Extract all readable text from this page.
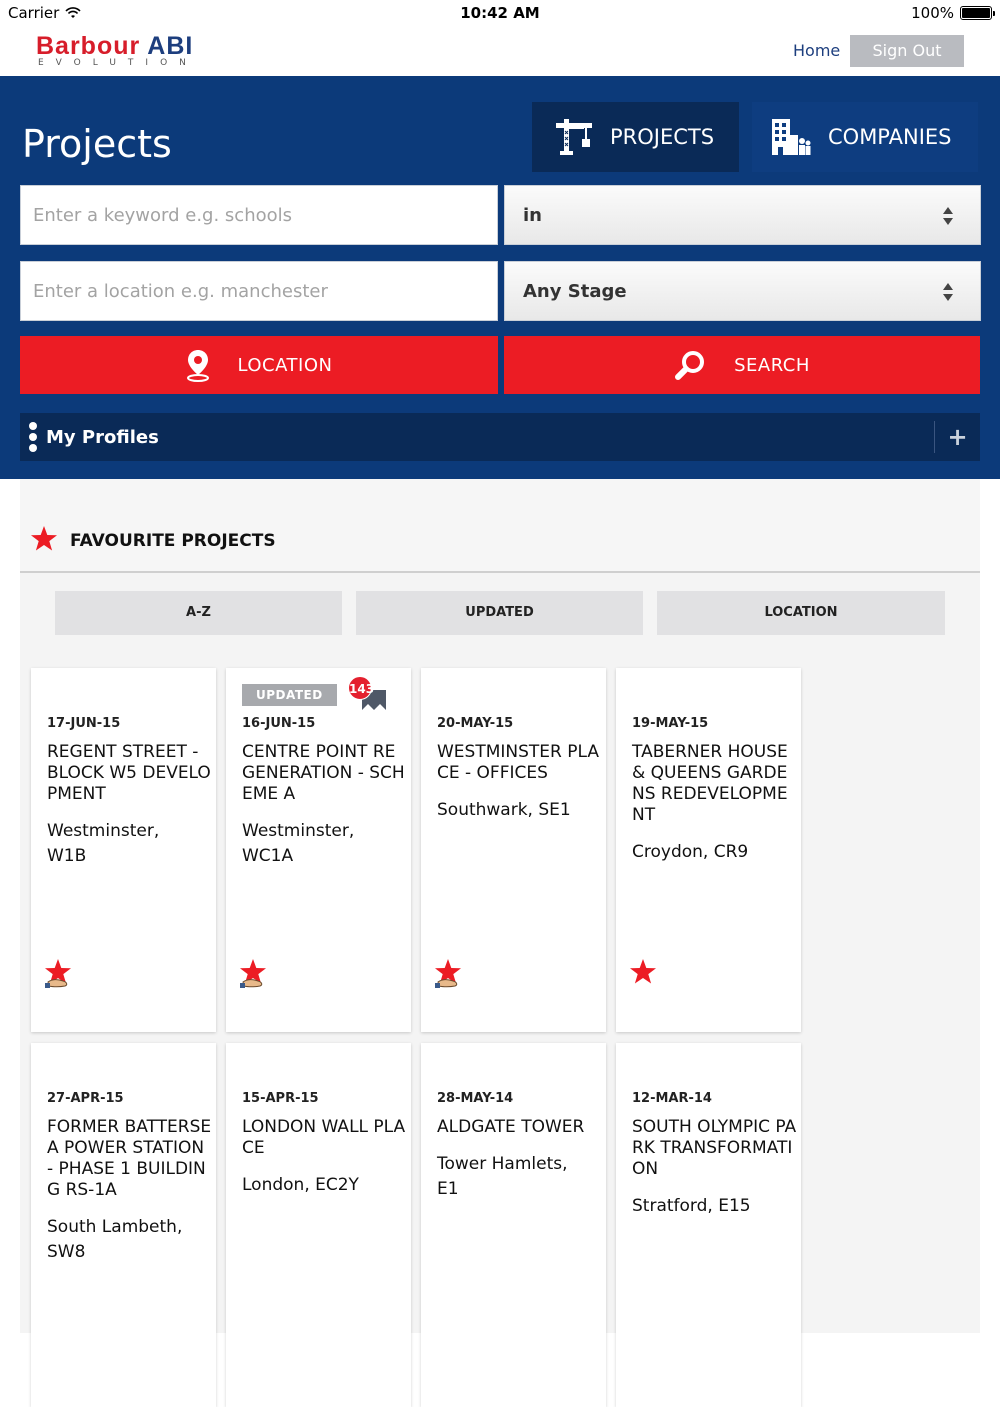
Carrier	10:42 AM	100%
Barbour ABI
EVOLUTION
Home	Sign Out
Projects	PROJECTS	COMPANIES
Enter a keyword e.g. schools
in
Enter a location e.g. manchester
Any Stage
LOCATION	SEARCH
My Profiles	+
FAVOURITE PROJECTS
A-Z	UPDATED	LOCATION
17-JUN-15
REGENT STREET - BLOCK W5 DEVELOPMENT
Westminster,
W1B
UPDATED	143
16-JUN-15
CENTRE POINT REGENERATION - SCHEME A
Westminster,
WC1A
20-MAY-15
WESTMINSTER PLACE - OFFICES
Southwark, SE1
19-MAY-15
TABERNER HOUSE & QUEENS GARDENS REDEVELOPMENT
Croydon, CR9
27-APR-15
FORMER BATTERSEA POWER STATION - PHASE 1 BUILDING RS-1A
South Lambeth,
SW8
15-APR-15
LONDON WALL PLACE
London, EC2Y
28-MAY-14
ALDGATE TOWER
Tower Hamlets,
E1
12-MAR-14
SOUTH OLYMPIC PARK TRANSFORMATION
Stratford, E15
